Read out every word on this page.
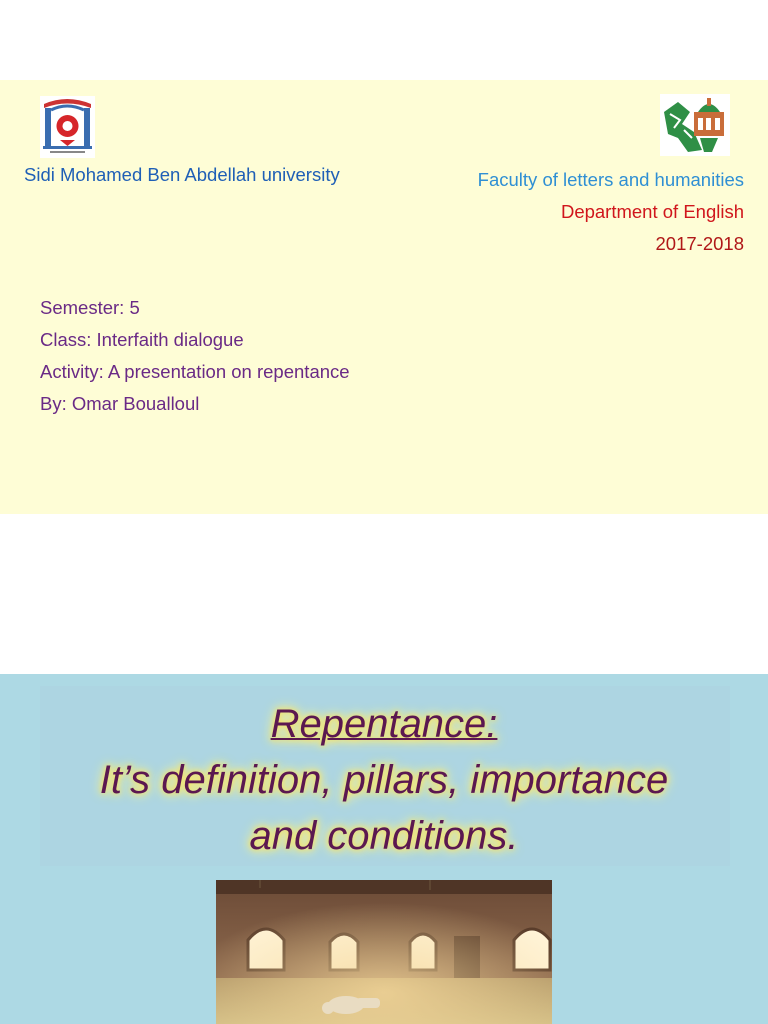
Sidi Mohamed Ben Abdellah university	Faculty of letters and humanities
Department of English
2017-2018
Semester: 5
Class: Interfaith dialogue
Activity: A presentation on repentance
By: Omar Boualloul
Repentance:
It’s definition, pillars, importance
and conditions.
